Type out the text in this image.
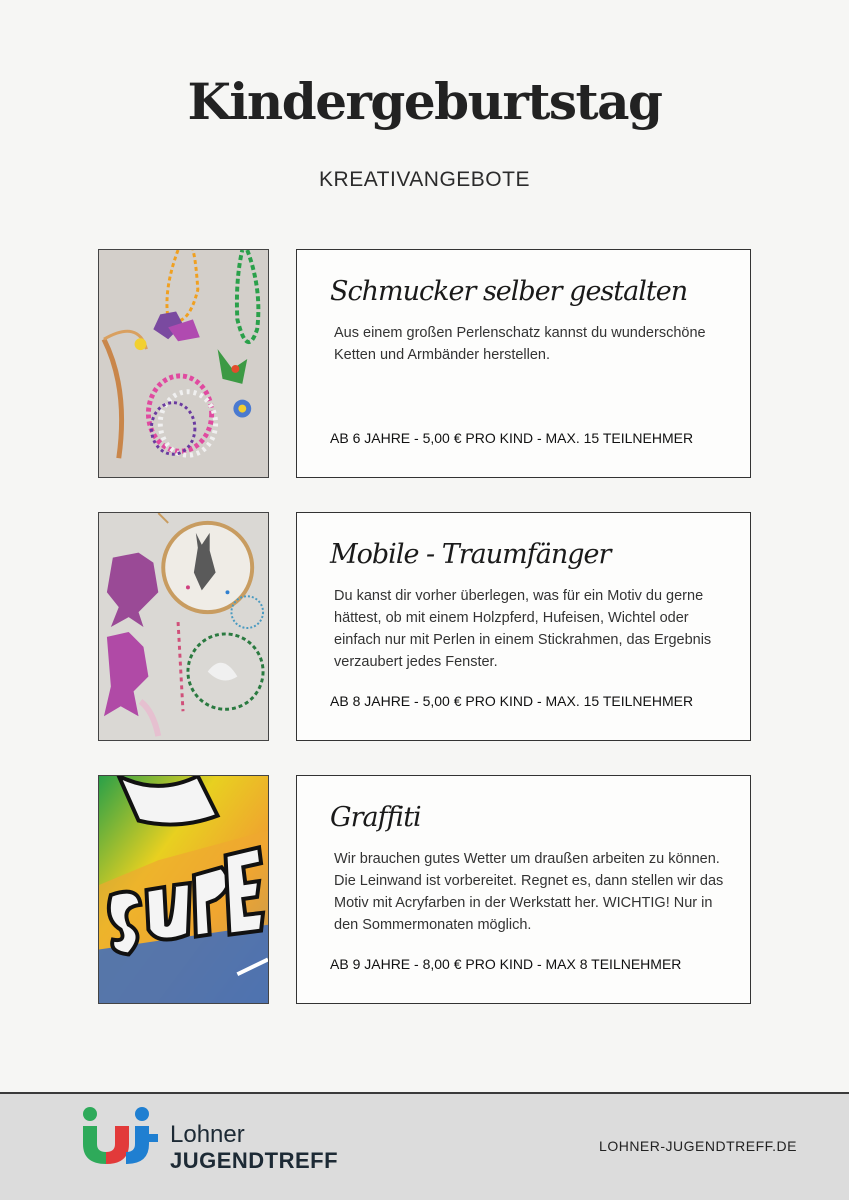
Kindergeburtstag
KREATIVANGEBOTE
Schmucker selber gestalten
Aus einem großen Perlenschatz kannst du wunderschöne Ketten und Armbänder herstellen.
AB 6 JAHRE - 5,00 € PRO KIND - MAX. 15 TEILNEHMER
Mobile - Traumfänger
Du kanst dir vorher überlegen, was für ein Motiv du gerne hättest, ob mit einem Holzpferd, Hufeisen, Wichtel oder einfach nur mit Perlen in einem Stickrahmen, das Ergebnis verzaubert jedes Fenster.
AB 8 JAHRE - 5,00 € PRO KIND - MAX. 15 TEILNEHMER
Graffiti
Wir brauchen gutes Wetter um draußen arbeiten zu können. Die Leinwand ist vorbereitet. Regnet es, dann stellen wir das Motiv mit Acryfarben in der Werkstatt her. WICHTIG! Nur in den Sommermonaten möglich.
AB 9 JAHRE - 8,00 € PRO KIND - MAX 8 TEILNEHMER
Lohner
JUGENDTREFF
LOHNER-JUGENDTREFF.DE
